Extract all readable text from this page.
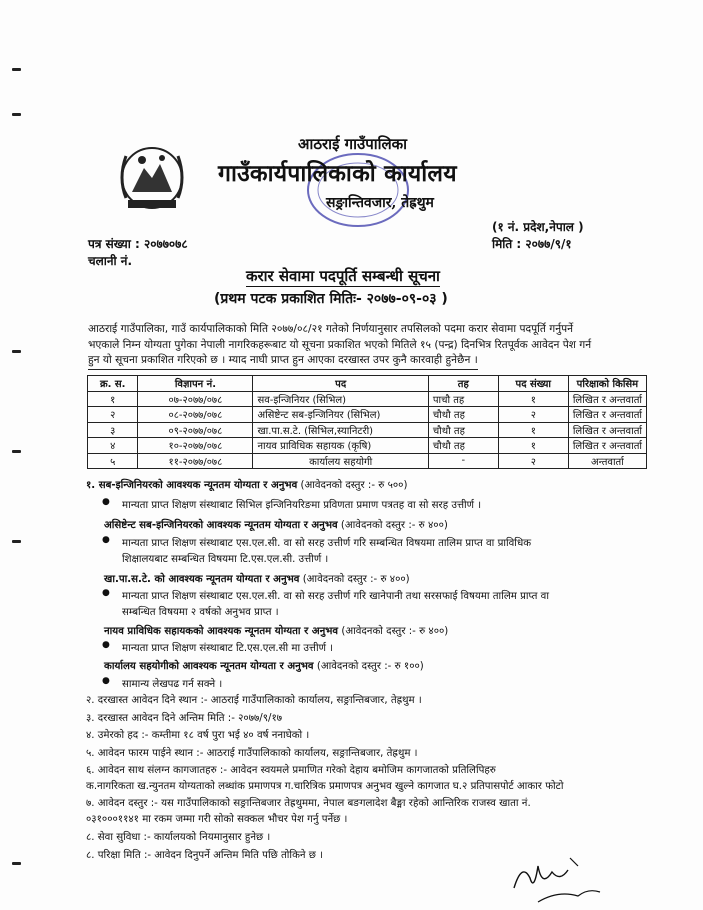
आठराई गाउँपालिका
गाउँकार्यपालिकाको कार्यालय
सङ्रान्तिवजार, तेह्रथुम
(१ नं. प्रदेश,नेपाल )
मिति : २०७७/९/१
पत्र संख्या : २०७७०७८
चलानी नं.
करार सेवामा पदपूर्ति सम्बन्धी सूचना
(प्रथम पटक प्रकाशित मितिः- २०७७-०९-०३ )
आठराई गाउँपालिका, गाउँ कार्यपालिकाको मिति २०७७/०८/२१ गतेको निर्णयानुसार तपसिलको पदमा करार सेवामा पदपूर्ति गर्नुपर्ने
भएकाले निम्न योग्यता पुगेका नेपाली नागरिकहरूबाट यो सूचना प्रकाशित भएको मितिले १५ (पन्द्र) दिनभित्र रितपूर्वक आवेदन पेश गर्न
हुन यो सूचना प्रकाशित गरिएको छ । म्याद नाघी प्राप्त हुन आएका दरखास्त उपर कुनै कारवाही हुनेछैन ।
क्र. स.	विज्ञापन नं.	पद	तह	पद संख्या	परिक्षाको किसिम
१	०७-२०७७/०७८	सव-इन्जिनियर (सिभिल)	पाचौ तह	१	लिखित र अन्तवार्ता
२	०८-२०७७/०७८	असिष्टेन्ट सब-इन्जिनियर (सिभिल)	चौथौ तह	२	लिखित र अन्तवार्ता
३	०९-२०७७/०७८	खा.पा.स.टे. (सिभिल,स्यानिटरी)	चौथौ तह	१	लिखित र अन्तवार्ता
४	१०-२०७७/०७८	नायव प्राविधिक सहायक (कृषि)	चौथौ तह	१	लिखित र अन्तवार्ता
५	११-२०७७/०७८	कार्यालय सहयोगी	-	२	अन्तवार्ता
१. सब-इन्जिनियरको आवश्यक न्यूनतम योग्यता र अनुभव (आवेदनको दस्तुर :- रु ५००)
● मान्यता प्राप्त शिक्षण संस्थाबाट सिभिल इन्जिनियरिङमा प्रविणता प्रमाण पत्रतह वा सो सरह उत्तीर्ण ।
असिष्टेन्ट सब-इन्जिनियरको आवश्यक न्यूनतम योग्यता र अनुभव (आवेदनको दस्तुर :- रु ४००)
● मान्यता प्राप्त शिक्षण संस्थाबाट एस.एल.सी. वा सो सरह उत्तीर्ण गरि सम्बन्धित विषयमा तालिम प्राप्त वा प्राविधिक
शिक्षालयबाट सम्बन्धित विषयमा टि.एस.एल.सी. उत्तीर्ण ।
खा.पा.स.टे. को आवश्यक न्यूनतम योग्यता र अनुभव (आवेदनको दस्तुर :- रु ४००)
● मान्यता प्राप्त शिक्षण संस्थाबाट एस.एल.सी. वा सो सरह उत्तीर्ण गरि खानेपानी तथा सरसफाई विषयमा तालिम प्राप्त वा
सम्बन्धित विषयमा २ वर्षको अनुभव प्राप्त ।
नायव प्राविधिक सहायकको आवश्यक न्यूनतम योग्यता र अनुभव (आवेदनको दस्तुर :- रु ४००)
● मान्यता प्राप्त शिक्षण संस्थाबाट टि.एस.एल.सी मा उत्तीर्ण ।
कार्यालय सहयोगीको आवश्यक न्यूनतम योग्यता र अनुभव (आवेदनको दस्तुर :- रु १००)
● सामान्य लेखपढ गर्न सक्ने ।
२. दरखास्त आवेदन दिने स्थान :- आठराई गाउँपालिकाको कार्यालय, सङ्रान्तिबजार, तेह्रथुम ।
३. दरखास्त आवेदन दिने अन्तिम मिति :- २०७७/९/१७
४. उमेरको हद :- कम्तीमा १८ वर्ष पुरा भई ४० वर्ष ननाघेको ।
५. आवेदन फारम पाईने स्थान :- आठराई गाउँपालिकाको कार्यालय, सङ्रान्तिबजार, तेह्रथुम ।
६. आवेदन साथ संलग्न कागजातहरु :- आवेदन स्वयमले प्रमाणित गरेको देहाय बमोजिम कागजातको प्रतिलिपिहरु
क.नागरिकता ख.न्युनतम योग्यताको लब्धांक प्रमाणपत्र ग.चारित्रिक प्रमाणपत्र अनुभव खुल्ने कागजात घ.२ प्रतिपासपोर्ट आकार फोटो
७. आवेदन दस्तुर :- यस गाउँपालिकाको सङ्रान्तिबजार तेह्रथुममा, नेपाल बङगलादेश बैङ्मा रहेको आन्तिरिक राजस्व खाता नं.
०३१०००११४१ मा रकम जम्मा गरी सोको सक्कल भौचर पेश गर्नु पर्नेछ ।
८. सेवा सुविधा :- कार्यालयको नियमानुसार हुनेछ ।
८. परिक्षा मिति :- आवेदन दिनुपर्ने अन्तिम मिति पछि तोकिने छ ।
